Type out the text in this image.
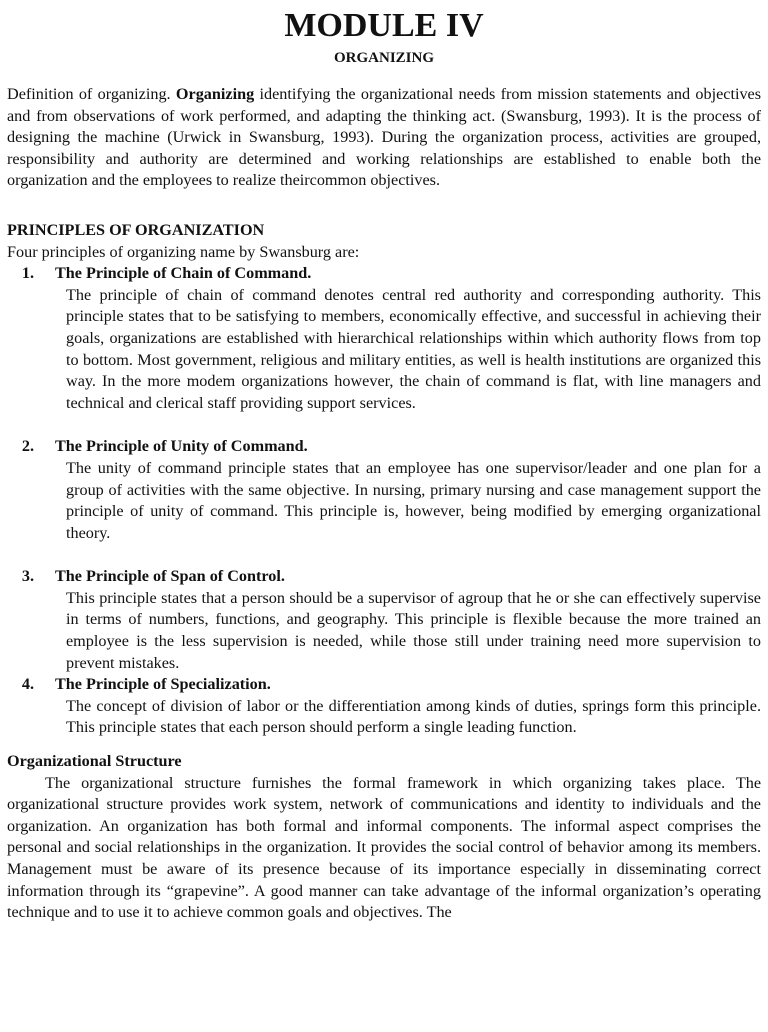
MODULE IV
ORGANIZING

Definition of organizing. Organizing identifying the organizational needs from mission statements and objectives and from observations of work performed, and adapting the thinking act. (Swansburg, 1993). It is the process of designing the machine (Urwick in Swansburg, 1993). During the organization process, activities are grouped, responsibility and authority are determined and working relationships are established to enable both the organization and the employees to realize theircommon objectives.

PRINCIPLES OF ORGANIZATION
Four principles of organizing name by Swansburg are:
1. The Principle of Chain of Command.

The principle of chain of command denotes central red authority and corresponding authority. This principle states that to be satisfying to members, economically effective, and successful in achieving their goals, organizations are established with hierarchical relationships within which authority flows from top to bottom. Most government, religious and military entities, as well is health institutions are organized this way. In the more modem organizations however, the chain of command is flat, with line managers and technical and clerical staff providing support services.

2. The Principle of Unity of Command.

The unity of command principle states that an employee has one supervisor/leader and one plan for a group of activities with the same objective. In nursing, primary nursing and case management support the principle of unity of command. This principle is, however, being modified by emerging organizational theory.

3. The Principle of Span of Control.

This principle states that a person should be a supervisor of agroup that he or she can effectively supervise in terms of numbers, functions, and geography. This principle is flexible because the more trained an employee is the less supervision is needed, while those still under training need more supervision to prevent mistakes.

4. The Principle of Specialization.

The concept of division of labor or the differentiation among kinds of duties, springs form this principle. This principle states that each person should perform a single leading function.

Organizational Structure

The organizational structure furnishes the formal framework in which organizing takes place. The organizational structure provides work system, network of communications and identity to individuals and the organization. An organization has both formal and informal components. The informal aspect comprises the personal and social relationships in the organization. It provides the social control of behavior among its members. Management must be aware of its presence because of its importance especially in disseminating correct information through its “grapevine”. A good manner can take advantage of the informal organization’s operating technique and to use it to achieve common goals and objectives. The
